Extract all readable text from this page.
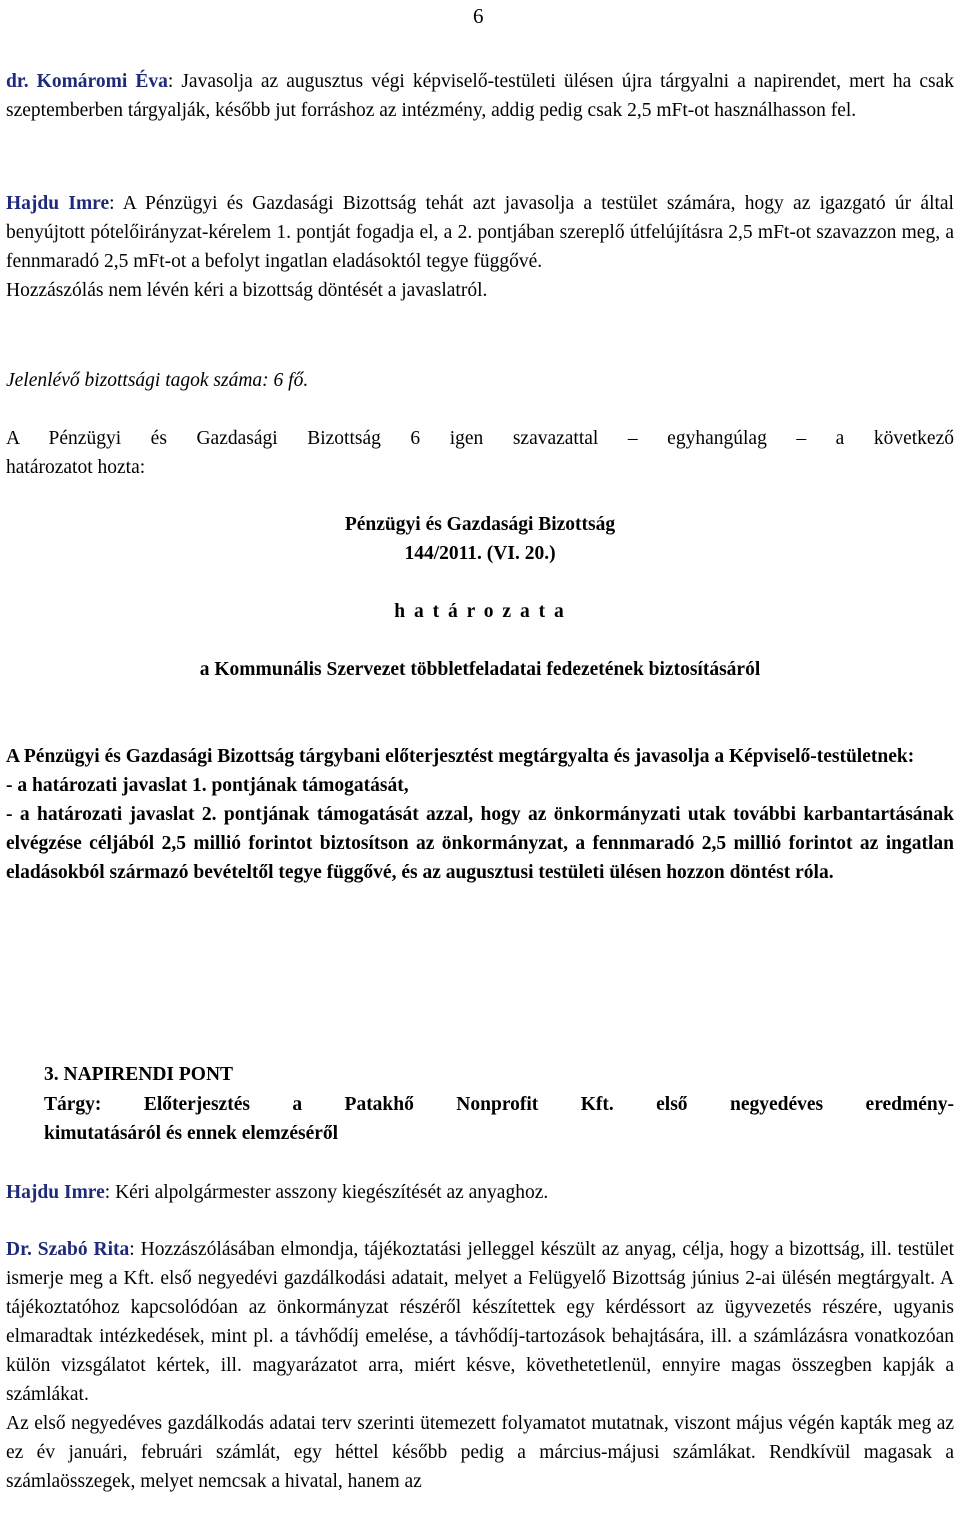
6
dr. Komáromi Éva: Javasolja az augusztus végi képviselő-testületi ülésen újra tárgyalni a napirendet, mert ha csak szeptemberben tárgyalják, később jut forráshoz az intézmény, addig pedig csak 2,5 mFt-ot használhasson fel.

Hajdu Imre: A Pénzügyi és Gazdasági Bizottság tehát azt javasolja a testület számára, hogy az igazgató úr által benyújtott pótelőirányzat-kérelem 1. pontját fogadja el, a 2. pontjában szereplő útfelújításra 2,5 mFt-ot szavazzon meg, a fennmaradó 2,5 mFt-ot a befolyt ingatlan eladásoktól tegye függővé.

Hozzászólás nem lévén kéri a bizottság döntését a javaslatról.

Jelenlévő bizottsági tagok száma: 6 fő.

A Pénzügyi és Gazdasági Bizottság 6 igen szavazattal – egyhangúlag – a következő

határozatot hozta:

Pénzügyi és Gazdasági Bizottság
144/2011. (VI. 20.)
h a t á r o z a t a
a Kommunális Szervezet többletfeladatai fedezetének biztosításáról

A Pénzügyi és Gazdasági Bizottság tárgybani előterjesztést megtárgyalta és javasolja a Képviselő-testületnek:

- a határozati javaslat 1. pontjának támogatását,

- a határozati javaslat 2. pontjának támogatását azzal, hogy az önkormányzati utak további karbantartásának elvégzése céljából 2,5 millió forintot biztosítson az önkormányzat, a fennmaradó 2,5 millió forintot az ingatlan eladásokból származó bevételtől tegye függővé, és az augusztusi testületi ülésen hozzon döntést róla.

3. NAPIRENDI PONT

Tárgy: Előterjesztés a Patakhő Nonprofit Kft. első negyedéves eredmény-

kimutatásáról és ennek elemzéséről

Hajdu Imre: Kéri alpolgármester asszony kiegészítését az anyaghoz.

Dr. Szabó Rita: Hozzászólásában elmondja, tájékoztatási jelleggel készült az anyag, célja, hogy a bizottság, ill. testület ismerje meg a Kft. első negyedévi gazdálkodási adatait, melyet a Felügyelő Bizottság június 2-ai ülésén megtárgyalt. A tájékoztatóhoz kapcsolódóan az önkormányzat részéről készítettek egy kérdéssort az ügyvezetés részére, ugyanis elmaradtak intézkedések, mint pl. a távhődíj emelése, a távhődíj-tartozások behajtására, ill. a számlázásra vonatkozóan külön vizsgálatot kértek, ill. magyarázatot arra, miért késve, követhetetlenül, ennyire magas összegben kapják a számlákat.

Az első negyedéves gazdálkodás adatai terv szerinti ütemezett folyamatot mutatnak, viszont május végén kapták meg az ez év januári, februári számlát, egy héttel később pedig a március-májusi számlákat. Rendkívül magasak a számlaösszegek, melyet nemcsak a hivatal, hanem az
